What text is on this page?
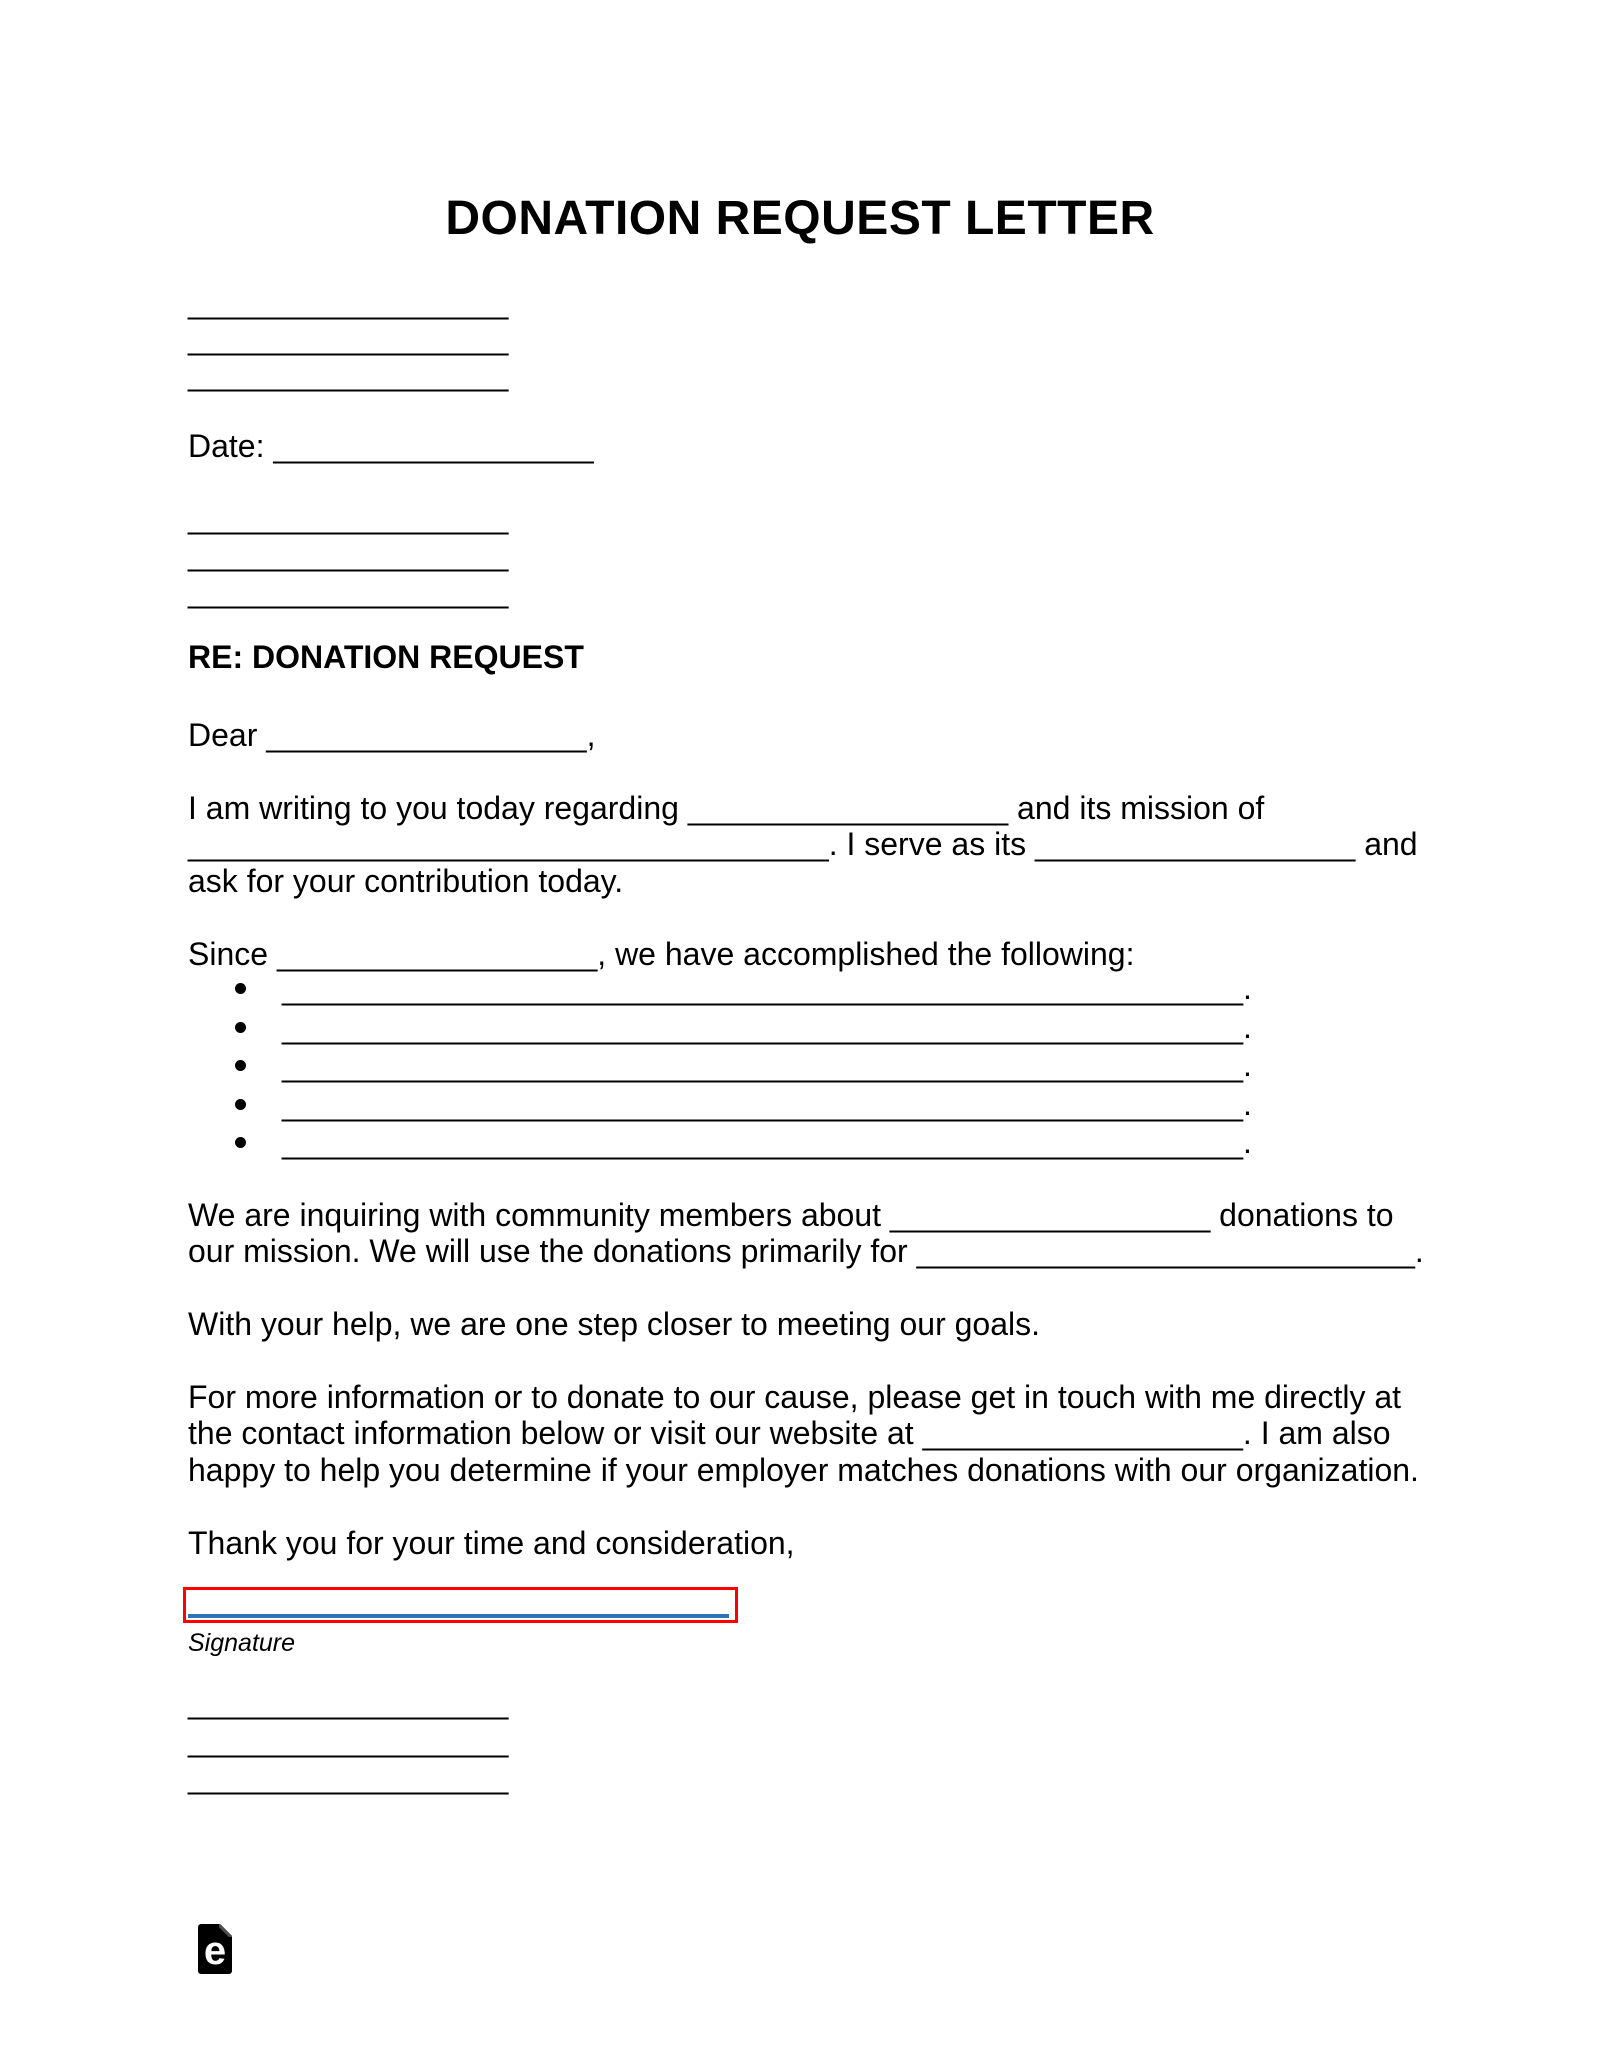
DONATION REQUEST LETTER
__________________
__________________
__________________
Date: __________________
__________________
__________________
__________________
RE: DONATION REQUEST
Dear __________________,
I am writing to you today regarding __________________ and its mission of
____________________________________. I serve as its __________________ and
ask for your contribution today.
Since __________________, we have accomplished the following:
______________________________________________________.
______________________________________________________.
______________________________________________________.
______________________________________________________.
______________________________________________________.
We are inquiring with community members about __________________ donations to
our mission. We will use the donations primarily for ____________________________.
With your help, we are one step closer to meeting our goals.
For more information or to donate to our cause, please get in touch with me directly at
the contact information below or visit our website at __________________. I am also
happy to help you determine if your employer matches donations with our organization.
Thank you for your time and consideration,
Signature
__________________
__________________
__________________
e
